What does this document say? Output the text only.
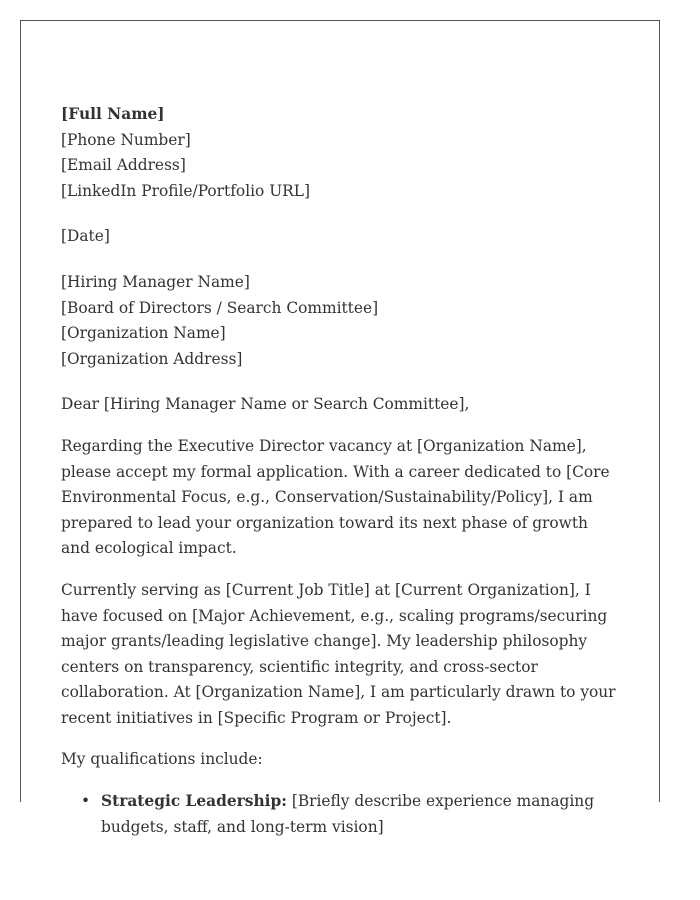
[Full Name]
[Phone Number]
[Email Address]
[LinkedIn Profile/Portfolio URL]
[Date]
[Hiring Manager Name]
[Board of Directors / Search Committee]
[Organization Name]
[Organization Address]

Dear [Hiring Manager Name or Search Committee],

Regarding the Executive Director vacancy at [Organization Name], please accept my formal application. With a career dedicated to [Core Environmental Focus, e.g., Conservation/Sustainability/Policy], I am prepared to lead your organization toward its next phase of growth and ecological impact.

Currently serving as [Current Job Title] at [Current Organization], I have focused on [Major Achievement, e.g., scaling programs/securing major grants/leading legislative change]. My leadership philosophy centers on transparency, scientific integrity, and cross-sector collaboration. At [Organization Name], I am particularly drawn to your recent initiatives in [Specific Program or Project].

My qualifications include:

• Strategic Leadership: [Briefly describe experience managing budgets, staff, and long-term vision]
